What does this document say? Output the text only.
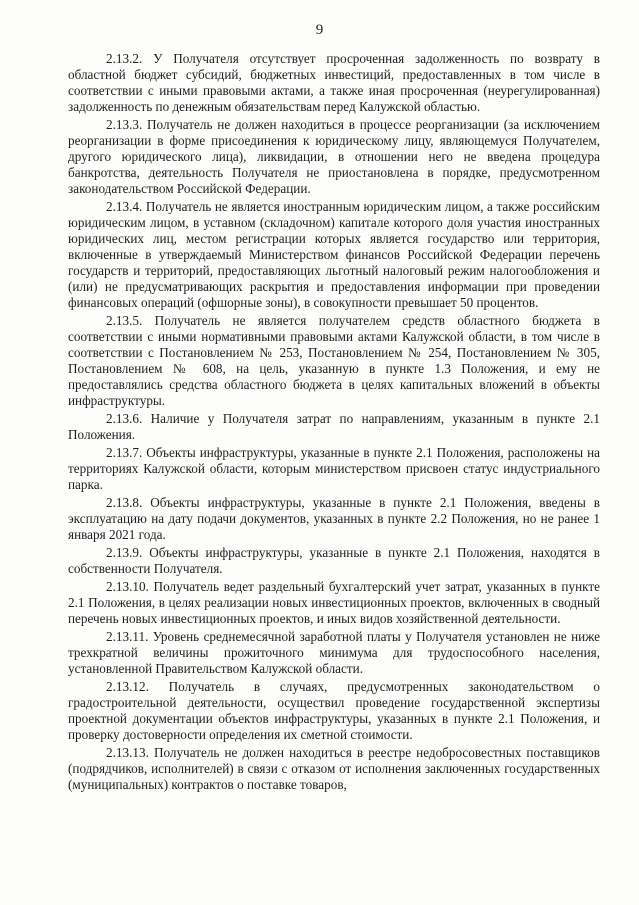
9

2.13.2. У Получателя отсутствует просроченная задолженность по возврату в областной бюджет субсидий, бюджетных инвестиций, предоставленных в том числе в соответствии с иными правовыми актами, а также иная просроченная (неурегулированная) задолженность по денежным обязательствам перед Калужской областью.

2.13.3. Получатель не должен находиться в процессе реорганизации (за исключением реорганизации в форме присоединения к юридическому лицу, являющемуся Получателем, другого юридического лица), ликвидации, в отношении него не введена процедура банкротства, деятельность Получателя не приостановлена в порядке, предусмотренном законодательством Российской Федерации.

2.13.4. Получатель не является иностранным юридическим лицом, а также российским юридическим лицом, в уставном (складочном) капитале которого доля участия иностранных юридических лиц, местом регистрации которых является государство или территория, включенные в утверждаемый Министерством финансов Российской Федерации перечень государств и территорий, предоставляющих льготный налоговый режим налогообложения и (или) не предусматривающих раскрытия и предоставления информации при проведении финансовых операций (офшорные зоны), в совокупности превышает 50 процентов.

2.13.5. Получатель не является получателем средств областного бюджета в соответствии с иными нормативными правовыми актами Калужской области, в том числе в соответствии с Постановлением № 253, Постановлением № 254, Постановлением № 305, Постановлением № 608, на цель, указанную в пункте 1.3 Положения, и ему не предоставлялись средства областного бюджета в целях капитальных вложений в объекты инфраструктуры.

2.13.6. Наличие у Получателя затрат по направлениям, указанным в пункте 2.1 Положения.

2.13.7. Объекты инфраструктуры, указанные в пункте 2.1 Положения, расположены на территориях Калужской области, которым министерством присвоен статус индустриального парка.

2.13.8. Объекты инфраструктуры, указанные в пункте 2.1 Положения, введены в эксплуатацию на дату подачи документов, указанных в пункте 2.2 Положения, но не ранее 1 января 2021 года.

2.13.9. Объекты инфраструктуры, указанные в пункте 2.1 Положения, находятся в собственности Получателя.

2.13.10. Получатель ведет раздельный бухгалтерский учет затрат, указанных в пункте 2.1 Положения, в целях реализации новых инвестиционных проектов, включенных в сводный перечень новых инвестиционных проектов, и иных видов хозяйственной деятельности.

2.13.11. Уровень среднемесячной заработной платы у Получателя установлен не ниже трехкратной величины прожиточного минимума для трудоспособного населения, установленной Правительством Калужской области.

2.13.12. Получатель в случаях, предусмотренных законодательством о градостроительной деятельности, осуществил проведение государственной экспертизы проектной документации объектов инфраструктуры, указанных в пункте 2.1 Положения, и проверку достоверности определения их сметной стоимости.

2.13.13. Получатель не должен находиться в реестре недобросовестных поставщиков (подрядчиков, исполнителей) в связи с отказом от исполнения заключенных государственных (муниципальных) контрактов о поставке товаров,
